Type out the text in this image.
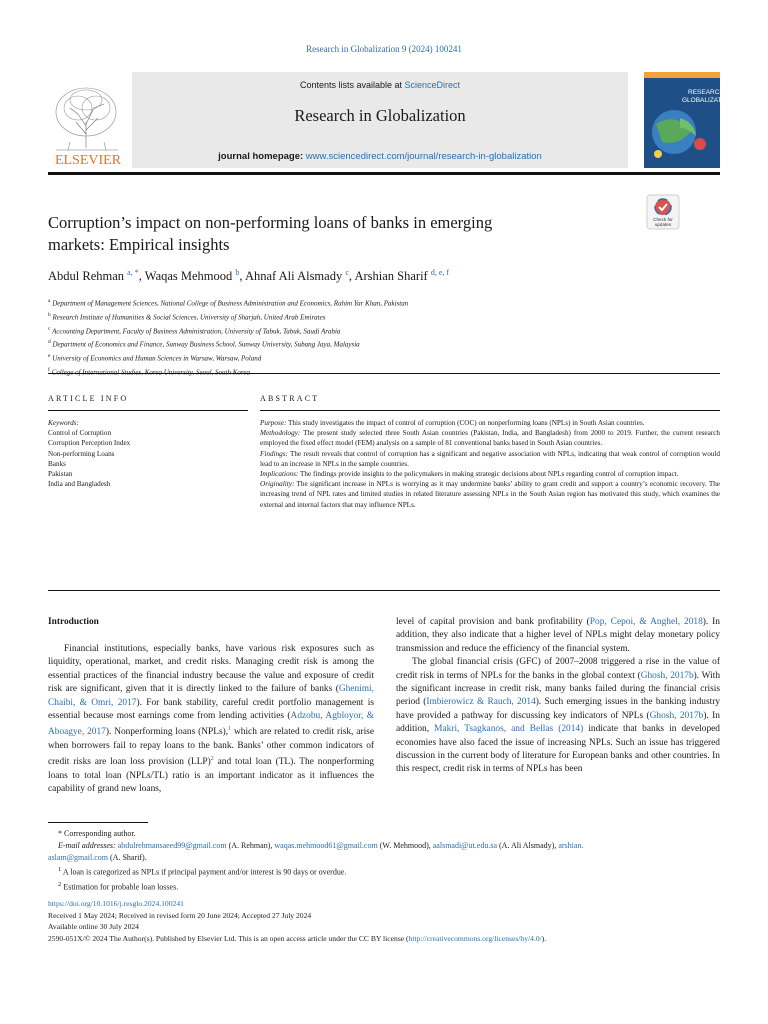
Research in Globalization 9 (2024) 100241
ELSEVIER
Contents lists available at ScienceDirect
Research in Globalization
journal homepage: www.sciencedirect.com/journal/research-in-globalization
RESEARCH IN
GLOBALIZATION
Corruption’s impact on non-performing loans of banks in emerging
markets: Empirical insights
Check for updates
Abdul Rehman $^{a, *}$, Waqas Mehmood $^b$, Ahnaf Ali Alsmady $^c$, Arshian Sharif $^{d, e, f}$
$^a$ Department of Management Sciences, National College of Business Administration and Economics, Rahim Yar Khan, Pakistan
$^b$ Research Institute of Humanities & Social Sciences, University of Sharjah, United Arab Emirates
$^c$ Accounting Department, Faculty of Business Administration, University of Tabuk, Tabuk, Saudi Arabia
$^d$ Department of Economics and Finance, Sunway Business School, Sunway University, Subang Jaya, Malaysia
$^e$ University of Economics and Human Sciences in Warsaw, Warsaw, Poland
$^f$
ARTICLE INFO	ABSTRACT
Keywords:
Control of Corruption
Corruption Perception Index
Non-performing Loans
Banks
Pakistan
India and Bangladesh

Purpose: This study investigates the impact of control of corruption (COC) on nonperforming loans (NPLs) in South Asian countries.

Methodology: The present study selected three South Asian countries (Pakistan, India, and Bangladesh) from 2000 to 2019. Further, the current research employed the fixed effect model (FEM) analysis on a sample of 81 conventional banks based in South Asian countries.

Findings: The result reveals that control of corruption has a significant and negative association with NPLs, indicating that weak control of corruption would lead to an increase in NPLs in the sample countries.

Implications: The findings provide insights to the policymakers in making strategic decisions about NPLs regarding control of corruption impact.

Originality: The significant increase in NPLs is worrying as it may undermine banks’ ability to grant credit and support a country’s economic recovery. The increasing trend of NPL rates and limited studies in related literature assessing NPLs in the South Asian region has motivated this study, which examines the external and internal factors that may influence NPLs.

Introduction

Financial institutions, especially banks, have various risk exposures such as liquidity, operational, market, and credit risks. Managing credit risk is among the essential practices of the financial industry because the value and exposure of credit risk are significant, given that it is directly linked to the failure of banks (Ghenimi, Chaibi, & Omri, 2017). For bank stability, careful credit portfolio management is essential because most earnings come from lending activities (Adzobu, Agbloyor, & Aboagye, 2017). Nonperforming loans (NPLs),$^1$ which are related to credit risk, arise when borrowers fail to repay loans to the bank. Banks’ other common indicators of credit risks are loan loss provision (LLP)$^2$ and total loan (TL). The nonperforming loans to total loan (NPLs/TL) ratio is an important indicator as it influences the capability of grand new loans,

level of capital provision and bank profitability (Pop, Cepoi, & Anghel, 2018). In addition, they also indicate that a higher level of NPLs might delay monetary policy transmission and reduce the efficiency of the financial system.

The global financial crisis (GFC) of 2007–2008 triggered a rise in the value of credit risk in terms of NPLs for the banks in the global context (Ghosh, 2017b). With the significant increase in credit risk, many banks failed during the financial crisis period (Imbierowicz & Rauch, 2014). Such emerging issues in the banking industry have provided a pathway for discussing key indicators of NPLs (Ghosh, 2017b). In addition, Makri, Tsagkanos, and Bellas (2014) indicate that banks in developed economies have also faced the issue of increasing NPLs. Such an issue has triggered discussion in the current body of literature for European banks and other countries. In this respect, credit risk in terms of NPLs has been

* Corresponding author.
E-mail addresses: abdulrehmansaeed99@gmail.com (A. Rehman), waqas.mehmood61@gmail.com (W. Mehmood), aalsmadi@ut.edu.sa (A. Ali Alsmady), arshian.
aslam@gmail.com (A. Sharif).
$^1$ A loan is categorized as NPLs if principal payment and/or interest is 90 days or overdue.
$^2$ Estimation for probable loan losses.
https://doi.org/10.1016/j.resglo.2024.100241
Received 1 May 2024; Received in revised form 20 June 2024; Accepted 27 July 2024
Available online 30 July 2024
2590-051X/© 2024 The Author(s). Published by Elsevier Ltd. This is an open access article under the CC BY license (http://creativecommons.org/licenses/by/4.0/).
